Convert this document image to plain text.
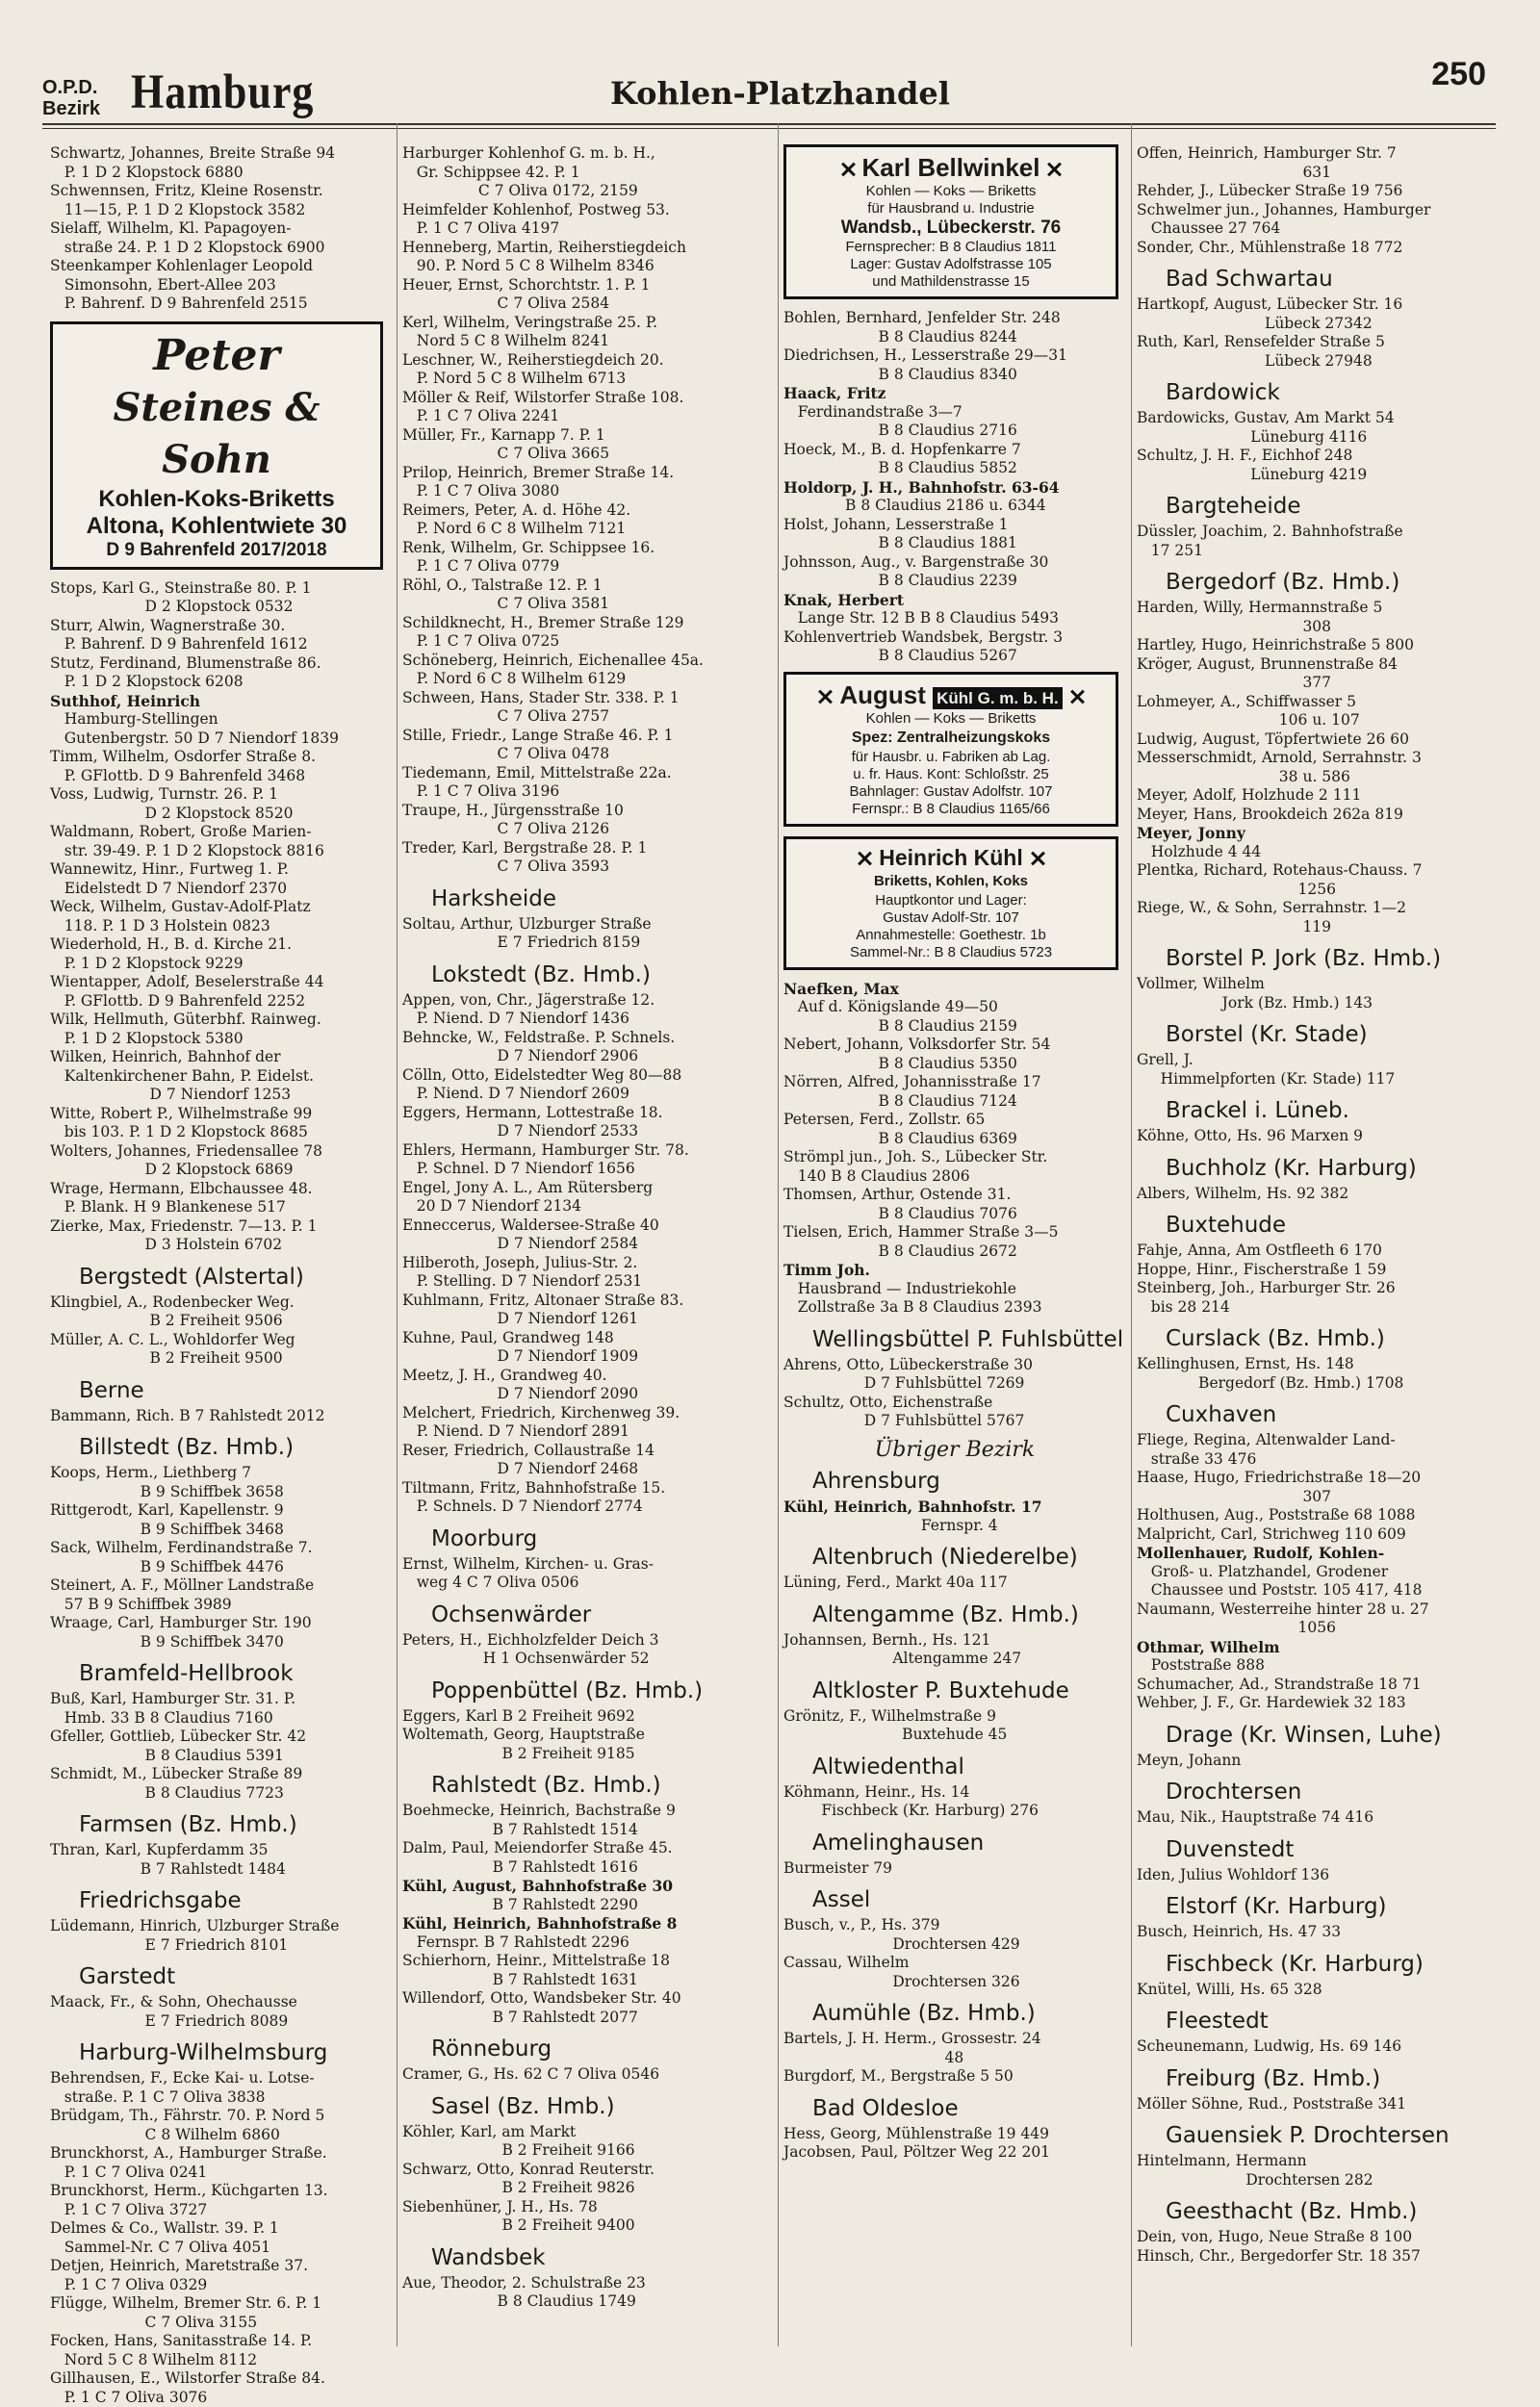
O.P.D.
Bezirk Hamburg	Kohlen-Platzhandel
250
Schwartz, Johannes, Breite Straße 94
P. 1 D 2 Klopstock 6880
Schwennsen, Fritz, Kleine Rosenstr.
11—15, P. 1 D 2 Klopstock 3582
Sielaff, Wilhelm, Kl. Papagoyen-
straße 24. P. 1 D 2 Klopstock 6900
Steenkamper Kohlenlager Leopold
Simonsohn, Ebert-Allee 203
P. Bahrenf. D 9 Bahrenfeld 2515
Peter
Steines & Sohn
Kohlen-Koks-Briketts
Altona, Kohlentwiete 30
D 9 Bahrenfeld 2017/2018
Stops, Karl G., Steinstraße 80. P. 1
D 2 Klopstock 0532
Sturr, Alwin, Wagnerstraße 30.
P. Bahrenf. D 9 Bahrenfeld 1612
Stutz, Ferdinand, Blumenstraße 86.
P. 1 D 2 Klopstock 6208
Suthhof, Heinrich
Hamburg-Stellingen
Gutenbergstr. 50 D 7 Niendorf 1839
Timm, Wilhelm, Osdorfer Straße 8.
P. GFlottb. D 9 Bahrenfeld 3468
Voss, Ludwig, Turnstr. 26. P. 1
D 2 Klopstock 8520
Waldmann, Robert, Große Marien-
str. 39-49. P. 1 D 2 Klopstock 8816
Wannewitz, Hinr., Furtweg 1. P.
Eidelstedt D 7 Niendorf 2370
Weck, Wilhelm, Gustav-Adolf-Platz
118. P. 1 D 3 Holstein 0823
Wiederhold, H., B. d. Kirche 21.
P. 1 D 2 Klopstock 9229
Wientapper, Adolf, Beselerstraße 44
P. GFlottb. D 9 Bahrenfeld 2252
Wilk, Hellmuth, Güterbhf. Rainweg.
P. 1 D 2 Klopstock 5380
Wilken, Heinrich, Bahnhof der
Kaltenkirchener Bahn, P. Eidelst.
D 7 Niendorf 1253
Witte, Robert P., Wilhelmstraße 99
bis 103. P. 1 D 2 Klopstock 8685
Wolters, Johannes, Friedensallee 78
D 2 Klopstock 6869
Wrage, Hermann, Elbchaussee 48.
P. Blank. H 9 Blankenese 517
Zierke, Max, Friedenstr. 7—13. P. 1
D 3 Holstein 6702
Bergstedt (Alstertal)
Klingbiel, A., Rodenbecker Weg.
B 2 Freiheit 9506
Müller, A. C. L., Wohldorfer Weg
B 2 Freiheit 9500
Berne
Bammann, Rich. B 7 Rahlstedt 2012
Billstedt (Bz. Hmb.)
Koops, Herm., Liethberg 7
B 9 Schiffbek 3658
Rittgerodt, Karl, Kapellenstr. 9
B 9 Schiffbek 3468
Sack, Wilhelm, Ferdinandstraße 7.
B 9 Schiffbek 4476
Steinert, A. F., Möllner Landstraße
57 B 9 Schiffbek 3989
Wraage, Carl, Hamburger Str. 190
B 9 Schiffbek 3470
Bramfeld-Hellbrook
Buß, Karl, Hamburger Str. 31. P.
Hmb. 33 B 8 Claudius 7160
Gfeller, Gottlieb, Lübecker Str. 42
B 8 Claudius 5391
Schmidt, M., Lübecker Straße 89
B 8 Claudius 7723
Farmsen (Bz. Hmb.)
Thran, Karl, Kupferdamm 35
B 7 Rahlstedt 1484
Friedrichsgabe
Lüdemann, Hinrich, Ulzburger Straße
E 7 Friedrich 8101
Garstedt
Maack, Fr., & Sohn, Ohechausse
E 7 Friedrich 8089
Harburg-Wilhelmsburg
Behrendsen, F., Ecke Kai- u. Lotse-
straße. P. 1 C 7 Oliva 3838
Brüdgam, Th., Fährstr. 70. P. Nord 5
C 8 Wilhelm 6860
Brunckhorst, A., Hamburger Straße.
P. 1 C 7 Oliva 0241
Brunckhorst, Herm., Küchgarten 13.
P. 1 C 7 Oliva 3727
Delmes & Co., Wallstr. 39. P. 1
Sammel-Nr. C 7 Oliva 4051
Detjen, Heinrich, Maretstraße 37.
P. 1 C 7 Oliva 0329
Flügge, Wilhelm, Bremer Str. 6. P. 1
C 7 Oliva 3155
Focken, Hans, Sanitasstraße 14. P.
Nord 5 C 8 Wilhelm 8112
Gillhausen, E., Wilstorfer Straße 84.
P. 1 C 7 Oliva 3076
Harburger Kohlenhof G. m. b. H.,
Gr. Schippsee 42. P. 1
C 7 Oliva 0172, 2159
Heimfelder Kohlenhof, Postweg 53.
P. 1 C 7 Oliva 4197
Henneberg, Martin, Reiherstiegdeich
90. P. Nord 5 C 8 Wilhelm 8346
Heuer, Ernst, Schorchtstr. 1. P. 1
C 7 Oliva 2584
Kerl, Wilhelm, Veringstraße 25. P.
Nord 5 C 8 Wilhelm 8241
Leschner, W., Reiherstiegdeich 20.
P. Nord 5 C 8 Wilhelm 6713
Möller & Reif, Wilstorfer Straße 108.
P. 1 C 7 Oliva 2241
Müller, Fr., Karnapp 7. P. 1
C 7 Oliva 3665
Prilop, Heinrich, Bremer Straße 14.
P. 1 C 7 Oliva 3080
Reimers, Peter, A. d. Höhe 42.
P. Nord 6 C 8 Wilhelm 7121
Renk, Wilhelm, Gr. Schippsee 16.
P. 1 C 7 Oliva 0779
Röhl, O., Talstraße 12. P. 1
C 7 Oliva 3581
Schildknecht, H., Bremer Straße 129
P. 1 C 7 Oliva 0725
Schöneberg, Heinrich, Eichenallee 45a.
P. Nord 6 C 8 Wilhelm 6129
Schween, Hans, Stader Str. 338. P. 1
C 7 Oliva 2757
Stille, Friedr., Lange Straße 46. P. 1
C 7 Oliva 0478
Tiedemann, Emil, Mittelstraße 22a.
P. 1 C 7 Oliva 3196
Traupe, H., Jürgensstraße 10
C 7 Oliva 2126
Treder, Karl, Bergstraße 28. P. 1
C 7 Oliva 3593
Harksheide
Soltau, Arthur, Ulzburger Straße
E 7 Friedrich 8159
Lokstedt (Bz. Hmb.)
Appen, von, Chr., Jägerstraße 12.
P. Niend. D 7 Niendorf 1436
Behncke, W., Feldstraße. P. Schnels.
D 7 Niendorf 2906
Cölln, Otto, Eidelstedter Weg 80—88
P. Niend. D 7 Niendorf 2609
Eggers, Hermann, Lottestraße 18.
D 7 Niendorf 2533
Ehlers, Hermann, Hamburger Str. 78.
P. Schnel. D 7 Niendorf 1656
Engel, Jony A. L., Am Rütersberg
20 D 7 Niendorf 2134
Enneccerus, Waldersee-Straße 40
D 7 Niendorf 2584
Hilberoth, Joseph, Julius-Str. 2.
P. Stelling. D 7 Niendorf 2531
Kuhlmann, Fritz, Altonaer Straße 83.
D 7 Niendorf 1261
Kuhne, Paul, Grandweg 148
D 7 Niendorf 1909
Meetz, J. H., Grandweg 40.
D 7 Niendorf 2090
Melchert, Friedrich, Kirchenweg 39.
P. Niend. D 7 Niendorf 2891
Reser, Friedrich, Collaustraße 14
D 7 Niendorf 2468
Tiltmann, Fritz, Bahnhofstraße 15.
P. Schnels. D 7 Niendorf 2774
Moorburg
Ernst, Wilhelm, Kirchen- u. Gras-
weg 4 C 7 Oliva 0506
Ochsenwärder
Peters, H., Eichholzfelder Deich 3
H 1 Ochsenwärder 52
Poppenbüttel (Bz. Hmb.)
Eggers, Karl B 2 Freiheit 9692
Woltemath, Georg, Hauptstraße
B 2 Freiheit 9185
Rahlstedt (Bz. Hmb.)
Boehmecke, Heinrich, Bachstraße 9
B 7 Rahlstedt 1514
Dalm, Paul, Meiendorfer Straße 45.
B 7 Rahlstedt 1616
Kühl, August, Bahnhofstraße 30
B 7 Rahlstedt 2290
Kühl, Heinrich, Bahnhofstraße 8
Fernspr. B 7 Rahlstedt 2296
Schierhorn, Heinr., Mittelstraße 18
B 7 Rahlstedt 1631
Willendorf, Otto, Wandsbeker Str. 40
B 7 Rahlstedt 2077
Rönneburg
Cramer, G., Hs. 62 C 7 Oliva 0546
Sasel (Bz. Hmb.)
Köhler, Karl, am Markt
B 2 Freiheit 9166
Schwarz, Otto, Konrad Reuterstr.
B 2 Freiheit 9826
Siebenhüner, J. H., Hs. 78
B 2 Freiheit 9400
Wandsbek
Aue, Theodor, 2. Schulstraße 23
B 8 Claudius 1749
Karl Bellwinkel
Kohlen — Koks — Briketts
für Hausbrand u. Industrie
Wandsb., Lübeckerstr. 76
Fernsprecher: B 8 Claudius 1811
Lager: Gustav Adolfstrasse 105
und Mathildenstrasse 15
Bohlen, Bernhard, Jenfelder Str. 248
B 8 Claudius 8244
Diedrichsen, H., Lesserstraße 29—31
B 8 Claudius 8340
Haack, Fritz
Ferdinandstraße 3—7
B 8 Claudius 2716
Hoeck, M., B. d. Hopfenkarre 7
B 8 Claudius 5852
Holdorp, J. H., Bahnhofstr. 63-64
B 8 Claudius 2186 u. 6344
Holst, Johann, Lesserstraße 1
B 8 Claudius 1881
Johnsson, Aug., v. Bargenstraße 30
B 8 Claudius 2239
Knak, Herbert
Lange Str. 12 B B 8 Claudius 5493
Kohlenvertrieb Wandsbek, Bergstr. 3
B 8 Claudius 5267
August Kühl G. m. b. H.
Kohlen — Koks — Briketts
Spez: Zentralheizungskoks
für Hausbr. u. Fabriken ab Lag.
u. fr. Haus. Kont: Schloßstr. 25
Bahnlager: Gustav Adolfstr. 107
Fernspr.: B 8 Claudius 1165/66
Heinrich Kühl
Briketts, Kohlen, Koks
Hauptkontor und Lager:
Gustav Adolf-Str. 107
Annahmestelle: Goethestr. 1b
Sammel-Nr.: B 8 Claudius 5723
Naefken, Max
Auf d. Königslande 49—50
B 8 Claudius 2159
Nebert, Johann, Volksdorfer Str. 54
B 8 Claudius 5350
Nörren, Alfred, Johannisstraße 17
B 8 Claudius 7124
Petersen, Ferd., Zollstr. 65
B 8 Claudius 6369
Strömpl jun., Joh. S., Lübecker Str.
140 B 8 Claudius 2806
Thomsen, Arthur, Ostende 31.
B 8 Claudius 7076
Tielsen, Erich, Hammer Straße 3—5
B 8 Claudius 2672
Timm Joh.
Hausbrand — Industriekohle
Zollstraße 3a B 8 Claudius 2393
Wellingsbüttel P. Fuhlsbüttel
Ahrens, Otto, Lübeckerstraße 30
D 7 Fuhlsbüttel 7269
Schultz, Otto, Eichenstraße
D 7 Fuhlsbüttel 5767
Übriger Bezirk
Ahrensburg
Kühl, Heinrich, Bahnhofstr. 17
Fernspr. 4
Altenbruch (Niederelbe)
Lüning, Ferd., Markt 40a 117
Altengamme (Bz. Hmb.)
Johannsen, Bernh., Hs. 121
Altengamme 247
Altkloster P. Buxtehude
Grönitz, F., Wilhelmstraße 9
Buxtehude 45
Altwiedenthal
Köhmann, Heinr., Hs. 14
Fischbeck (Kr. Harburg) 276
Amelinghausen
Burmeister 79
Assel
Busch, v., P., Hs. 379
Drochtersen 429
Cassau, Wilhelm
Drochtersen 326
Aumühle (Bz. Hmb.)
Bartels, J. H. Herm., Grossestr. 24
48
Burgdorf, M., Bergstraße 5 50
Bad Oldesloe
Hess, Georg, Mühlenstraße 19 449
Jacobsen, Paul, Pöltzer Weg 22 201
Offen, Heinrich, Hamburger Str. 7
631
Rehder, J., Lübecker Straße 19 756
Schwelmer jun., Johannes, Hamburger
Chaussee 27 764
Sonder, Chr., Mühlenstraße 18 772
Bad Schwartau
Hartkopf, August, Lübecker Str. 16
Lübeck 27342
Ruth, Karl, Rensefelder Straße 5
Lübeck 27948
Bardowick
Bardowicks, Gustav, Am Markt 54
Lüneburg 4116
Schultz, J. H. F., Eichhof 248
Lüneburg 4219
Bargteheide
Düssler, Joachim, 2. Bahnhofstraße
17 251
Bergedorf (Bz. Hmb.)
Harden, Willy, Hermannstraße 5
308
Hartley, Hugo, Heinrichstraße 5 800
Kröger, August, Brunnenstraße 84
377
Lohmeyer, A., Schiffwasser 5
106 u. 107
Ludwig, August, Töpfertwiete 26 60
Messerschmidt, Arnold, Serrahnstr. 3
38 u. 586
Meyer, Adolf, Holzhude 2 111
Meyer, Hans, Brookdeich 262a 819
Meyer, Jonny
Holzhude 4 44
Plentka, Richard, Rotehaus-Chauss. 7
1256
Riege, W., & Sohn, Serrahnstr. 1—2
119
Borstel P. Jork (Bz. Hmb.)
Vollmer, Wilhelm
Jork (Bz. Hmb.) 143
Borstel (Kr. Stade)
Grell, J.
Himmelpforten (Kr. Stade) 117
Brackel i. Lüneb.
Köhne, Otto, Hs. 96 Marxen 9
Buchholz (Kr. Harburg)
Albers, Wilhelm, Hs. 92 382
Buxtehude
Fahje, Anna, Am Ostfleeth 6 170
Hoppe, Hinr., Fischerstraße 1 59
Steinberg, Joh., Harburger Str. 26
bis 28 214
Curslack (Bz. Hmb.)
Kellinghusen, Ernst, Hs. 148
Bergedorf (Bz. Hmb.) 1708
Cuxhaven
Fliege, Regina, Altenwalder Land-
straße 33 476
Haase, Hugo, Friedrichstraße 18—20
307
Holthusen, Aug., Poststraße 68 1088
Malpricht, Carl, Strichweg 110 609
Mollenhauer, Rudolf, Kohlen-
Groß- u. Platzhandel, Grodener
Chaussee und Poststr. 105 417, 418
Naumann, Westerreihe hinter 28 u. 27
1056
Othmar, Wilhelm
Poststraße 888
Schumacher, Ad., Strandstraße 18 71
Wehber, J. F., Gr. Hardewiek 32 183
Drage (Kr. Winsen, Luhe)
Meyn, Johann
Drochtersen
Mau, Nik., Hauptstraße 74 416
Duvenstedt
Iden, Julius Wohldorf 136
Elstorf (Kr. Harburg)
Busch, Heinrich, Hs. 47 33
Fischbeck (Kr. Harburg)
Knütel, Willi, Hs. 65 328
Fleestedt
Scheunemann, Ludwig, Hs. 69 146
Freiburg (Bz. Hmb.)
Möller Söhne, Rud., Poststraße 341
Gauensiek P. Drochtersen
Hintelmann, Hermann
Drochtersen 282
Geesthacht (Bz. Hmb.)
Dein, von, Hugo, Neue Straße 8 100
Hinsch, Chr., Bergedorfer Str. 18 357
